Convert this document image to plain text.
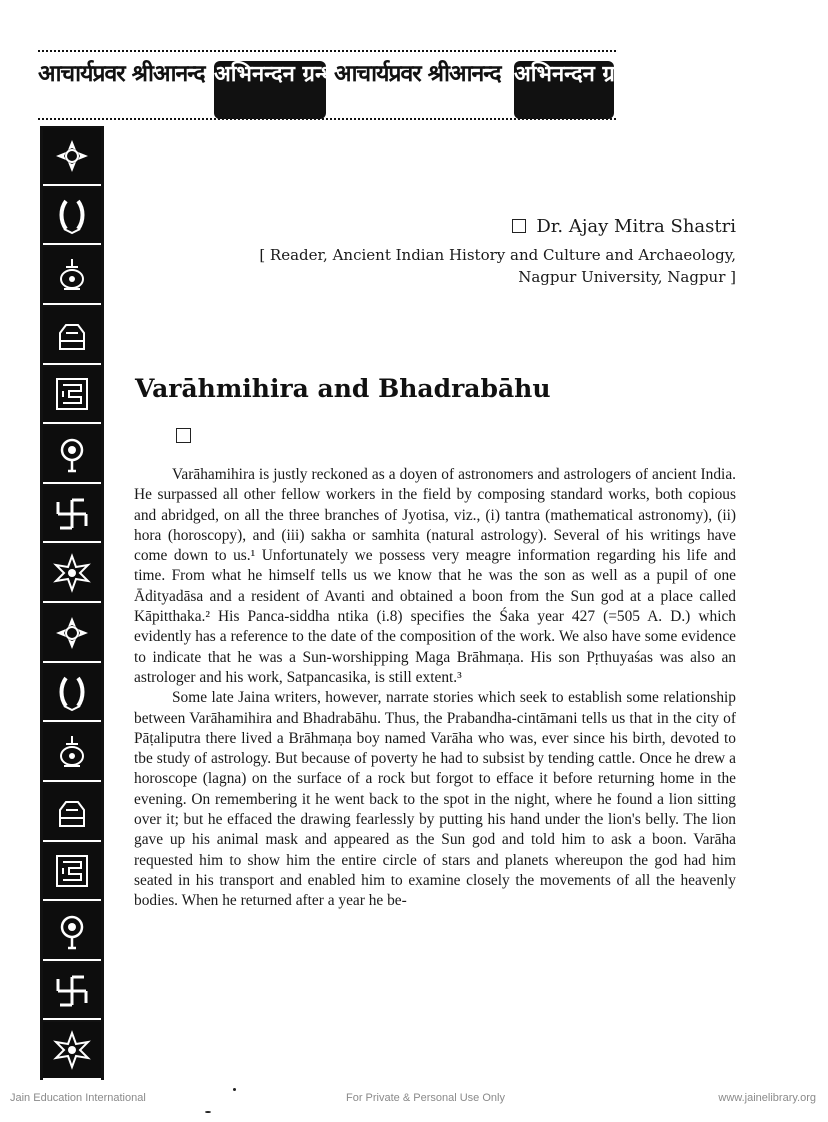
आचार्यप्रवर श्रीआनन्द अभिनन्दन ग्रन्थ आचार्यप्रवर श्रीआनन्द अभिनन्दन ग्रन्थ
Dr. Ajay Mitra Shastri
[ Reader, Ancient Indian History and Culture and Archaeology,
Nagpur University, Nagpur ]
Varāhmihira and Bhadrabāhu

Varāhamihira is justly reckoned as a doyen of astronomers and astrologers of ancient India. He surpassed all other fellow workers in the field by composing standard works, both copious and abridged, on all the three branches of Jyotisa, viz., (i) tantra (mathematical astronomy), (ii) hora (horoscopy), and (iii) sakha or samhita (natural astrology). Several of his writings have come down to us.¹ Unfortunately we possess very meagre information regarding his life and time. From what he himself tells us we know that he was the son as well as a pupil of one Ādityadāsa and a resident of Avanti and obtained a boon from the Sun god at a place called Kāpitthaka.² His Panca-siddha ntika (i.8) specifies the Śaka year 427 (=505 A. D.) which evidently has a reference to the date of the composition of the work. We also have some evidence to indicate that he was a Sun-worshipping Maga Brāhmaṇa. His son Pṛthuyaśas was also an astrologer and his work, Satpancasika, is still extent.³

Some late Jaina writers, however, narrate stories which seek to establish some relationship between Varāhamihira and Bhadrabāhu. Thus, the Prabandha-cintāmani tells us that in the city of Pāṭaliputra there lived a Brāhmaṇa boy named Varāha who was, ever since his birth, devoted to tbe study of astrology. But because of poverty he had to subsist by tending cattle. Once he drew a horoscope (lagna) on the surface of a rock but forgot to efface it before returning home in the evening. On remembering it he went back to the spot in the night, where he found a lion sitting over it; but he effaced the drawing fearlessly by putting his hand under the lion's belly. The lion gave up his animal mask and appeared as the Sun god and told him to ask a boon. Varāha requested him to show him the entire circle of stars and planets whereupon the god had him seated in his transport and enabled him to examine closely the movements of all the heavenly bodies. When he returned after a year he be-

Jain Education International	For Private & Personal Use Only	www.jainelibrary.org
